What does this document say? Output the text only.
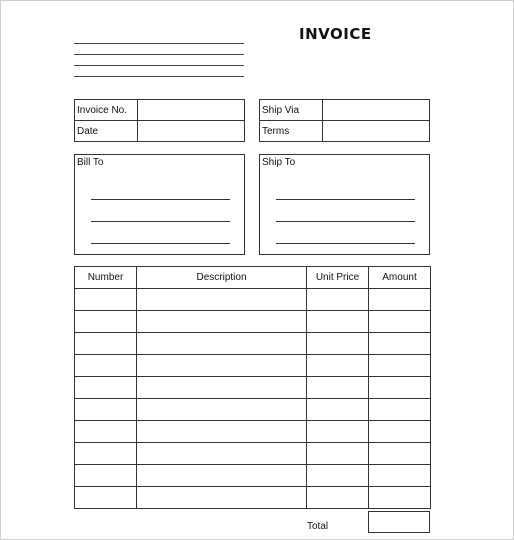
INVOICE
Invoice No.	
Date	
Ship Via	
Terms	
Bill To	Ship To
Number	Description	Unit Price	Amount

Total
